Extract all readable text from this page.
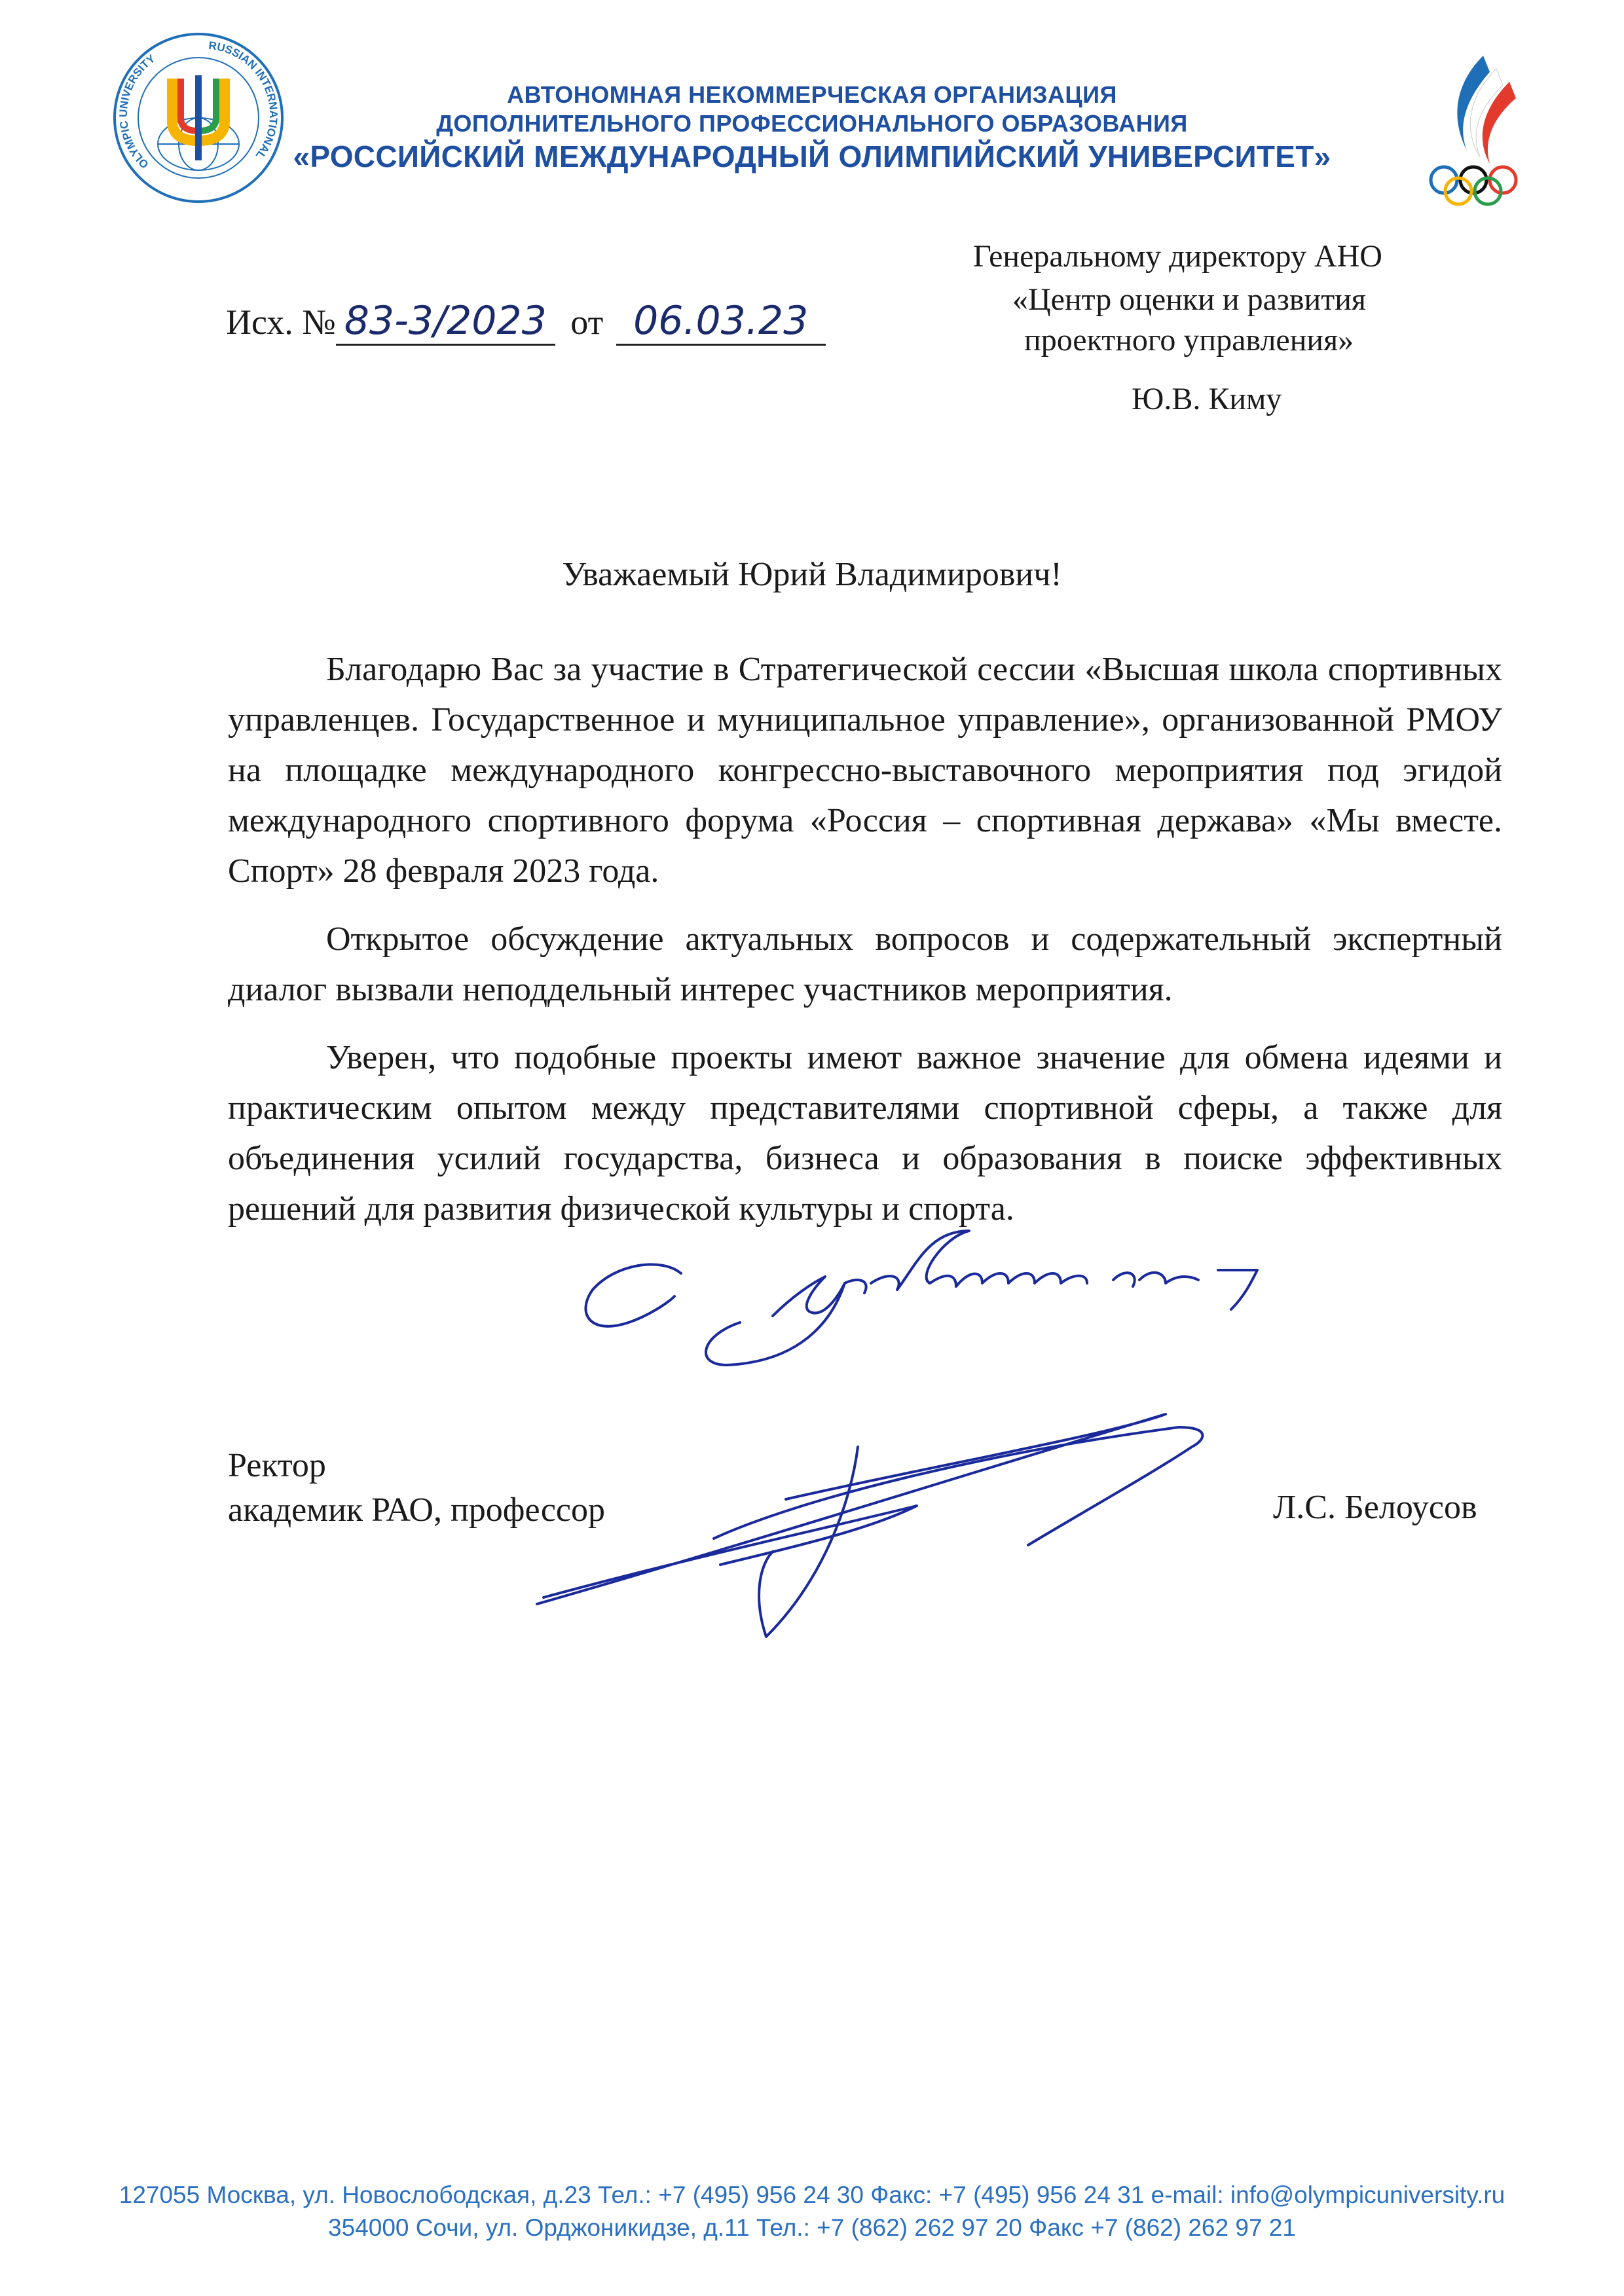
OLYMPIC UNIVERSITY
RUSSIAN INTERNATIONAL
АВТОНОМНАЯ НЕКОММЕРЧЕСКАЯ ОРГАНИЗАЦИЯ
ДОПОЛНИТЕЛЬНОГО ПРОФЕССИОНАЛЬНОГО ОБРАЗОВАНИЯ
«РОССИЙСКИЙ МЕЖДУНАРОДНЫЙ ОЛИМПИЙСКИЙ УНИВЕРСИТЕТ»
Генеральному директору АНО
«Центр оценки и развития
проектного управления»
Ю.В. Киму
Исх. № 83-3/2023 от 06.03.23
Уважаемый Юрий Владимирович!

Благодарю Вас за участие в Стратегической сессии «Высшая школа спортивных управленцев. Государственное и муниципальное управление», организованной РМОУ на площадке международного конгрессно-выставочного мероприятия под эгидой международного спортивного форума «Россия – спортивная держава» «Мы вместе. Спорт» 28 февраля 2023 года.

Открытое обсуждение актуальных вопросов и содержательный экспертный диалог вызвали неподдельный интерес участников мероприятия.

Уверен, что подобные проекты имеют важное значение для обмена идеями и практическим опытом между представителями спортивной сферы, а также для объединения усилий государства, бизнеса и образования в поиске эффективных решений для развития физической культуры и спорта.

Ректор
академик РАО, профессор	Л.С. Белоусов
127055 Москва, ул. Новослободская, д.23 Тел.: +7 (495) 956 24 30 Факс: +7 (495) 956 24 31 e-mail: info@olympicuniversity.ru
354000 Сочи, ул. Орджоникидзе, д.11 Тел.: +7 (862) 262 97 20 Факс +7 (862) 262 97 21
